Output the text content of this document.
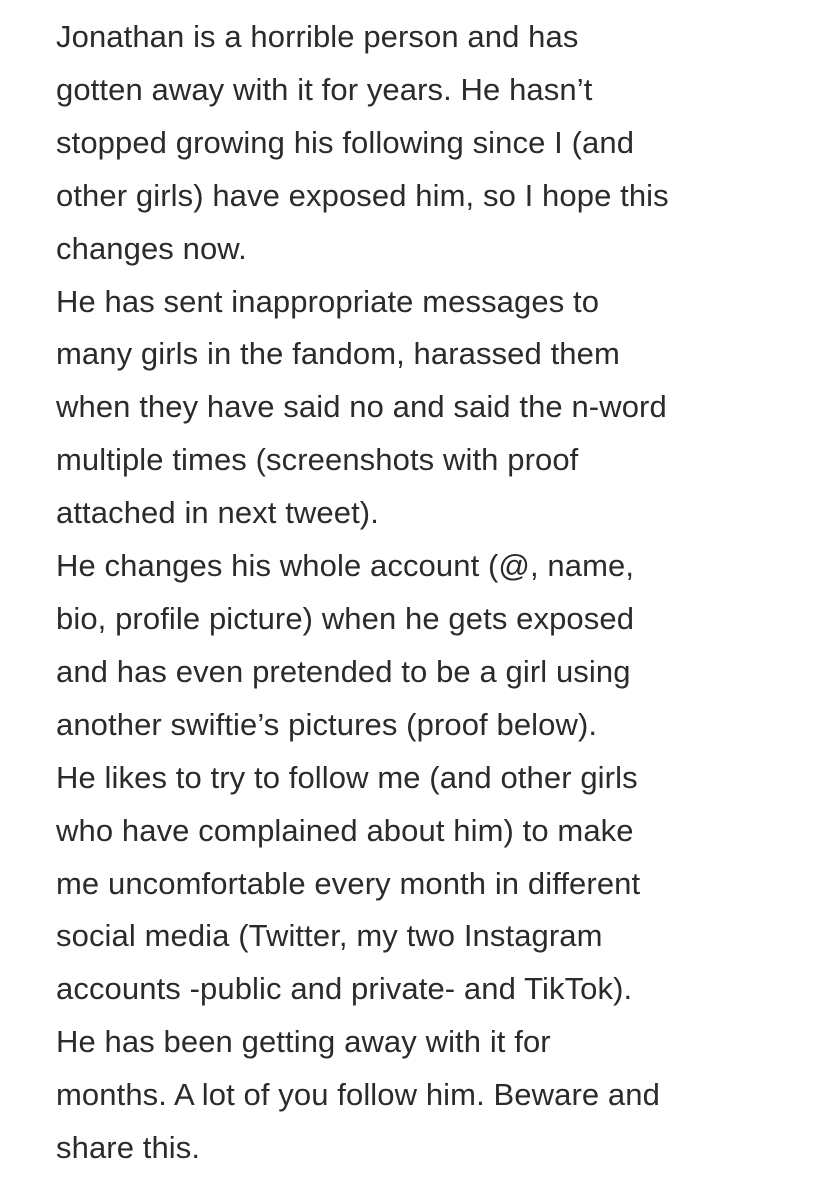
Jonathan is a horrible person and has
gotten away with it for years. He hasn’t
stopped growing his following since I (and
other girls) have exposed him, so I hope this
changes now.
He has sent inappropriate messages to
many girls in the fandom, harassed them
when they have said no and said the n-word
multiple times (screenshots with proof
attached in next tweet).
He changes his whole account (@, name,
bio, profile picture) when he gets exposed
and has even pretended to be a girl using
another swiftie’s pictures (proof below).
He likes to try to follow me (and other girls
who have complained about him) to make
me uncomfortable every month in different
social media (Twitter, my two Instagram
accounts -public and private- and TikTok).
He has been getting away with it for
months. A lot of you follow him. Beware and
share this.
